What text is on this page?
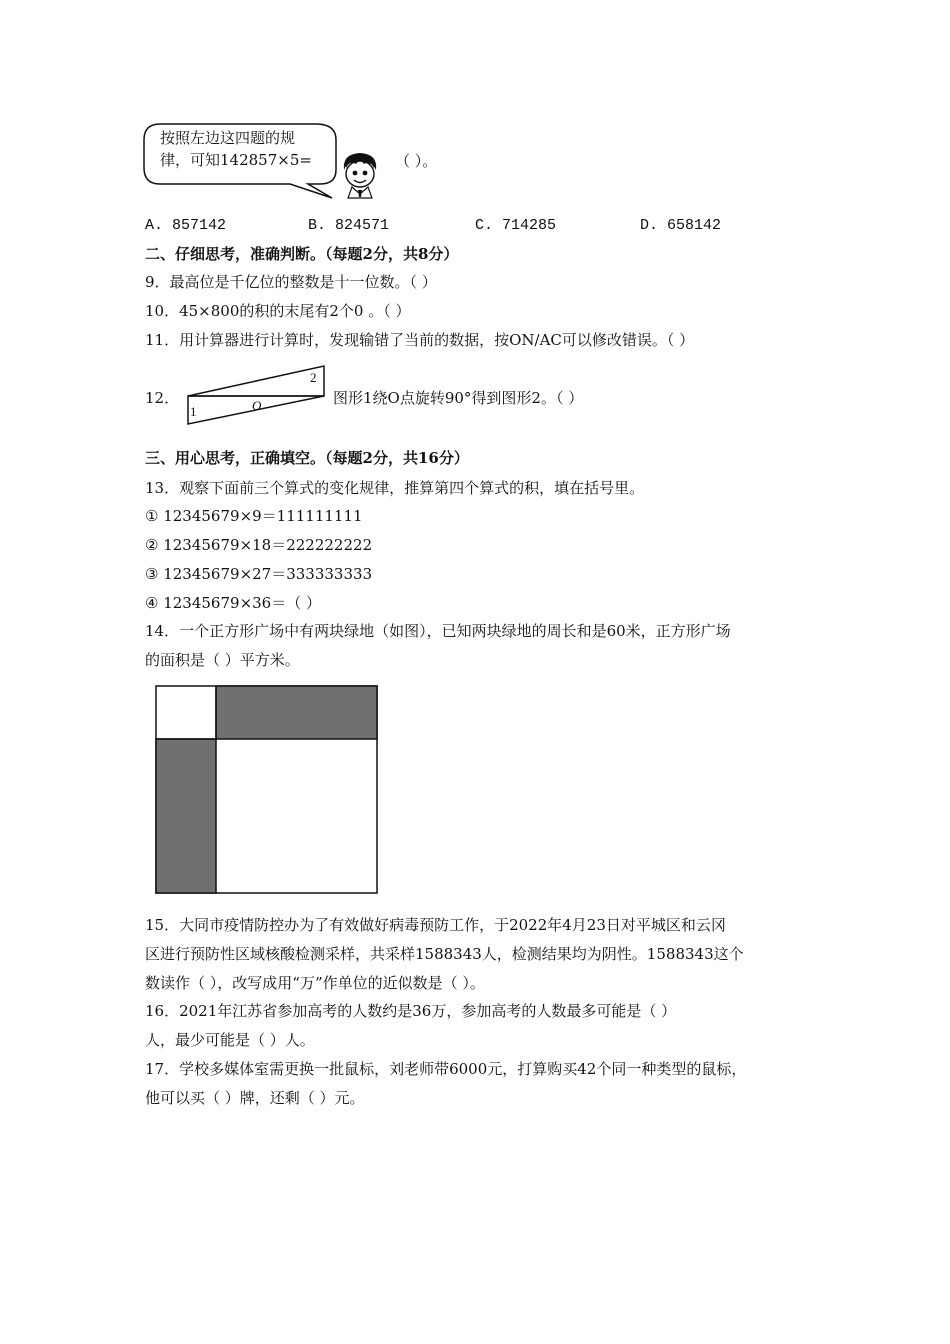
按照左边这四题的规
律，可知142857×5=	（ ）。
A. 857142	B. 824571	C. 714285	D. 658142
二、仔细思考，准确判断。（每题2分，共8分）
9．最高位是千亿位的整数是十一位数。（ ）
10．45×800的积的末尾有2个0 。（ ）
11．用计算器进行计算时，发现输错了当前的数据，按ON/AC可以修改错误。（ ）
12．
1
2
O	图形1绕O点旋转90°得到图形2。（ ）
三、用心思考，正确填空。（每题2分，共16分）
13．观察下面前三个算式的变化规律，推算第四个算式的积，填在括号里。
① 12345679×9＝111111111
② 12345679×18＝222222222
③ 12345679×27＝333333333
④ 12345679×36＝（ ）
14．一个正方形广场中有两块绿地（如图），已知两块绿地的周长和是60米，正方形广场
的面积是（ ）平方米。
15．大同市疫情防控办为了有效做好病毒预防工作，于2022年4月23日对平城区和云冈
区进行预防性区域核酸检测采样，共采样1588343人，检测结果均为阴性。1588343这个
数读作（ ），改写成用“万”作单位的近似数是（ ）。
16．2021年江苏省参加高考的人数约是36万，参加高考的人数最多可能是（ ）
人，最少可能是（ ）人。
17．学校多媒体室需更换一批鼠标，刘老师带6000元，打算购买42个同一种类型的鼠标，
他可以买（ ）牌，还剩（ ）元。
